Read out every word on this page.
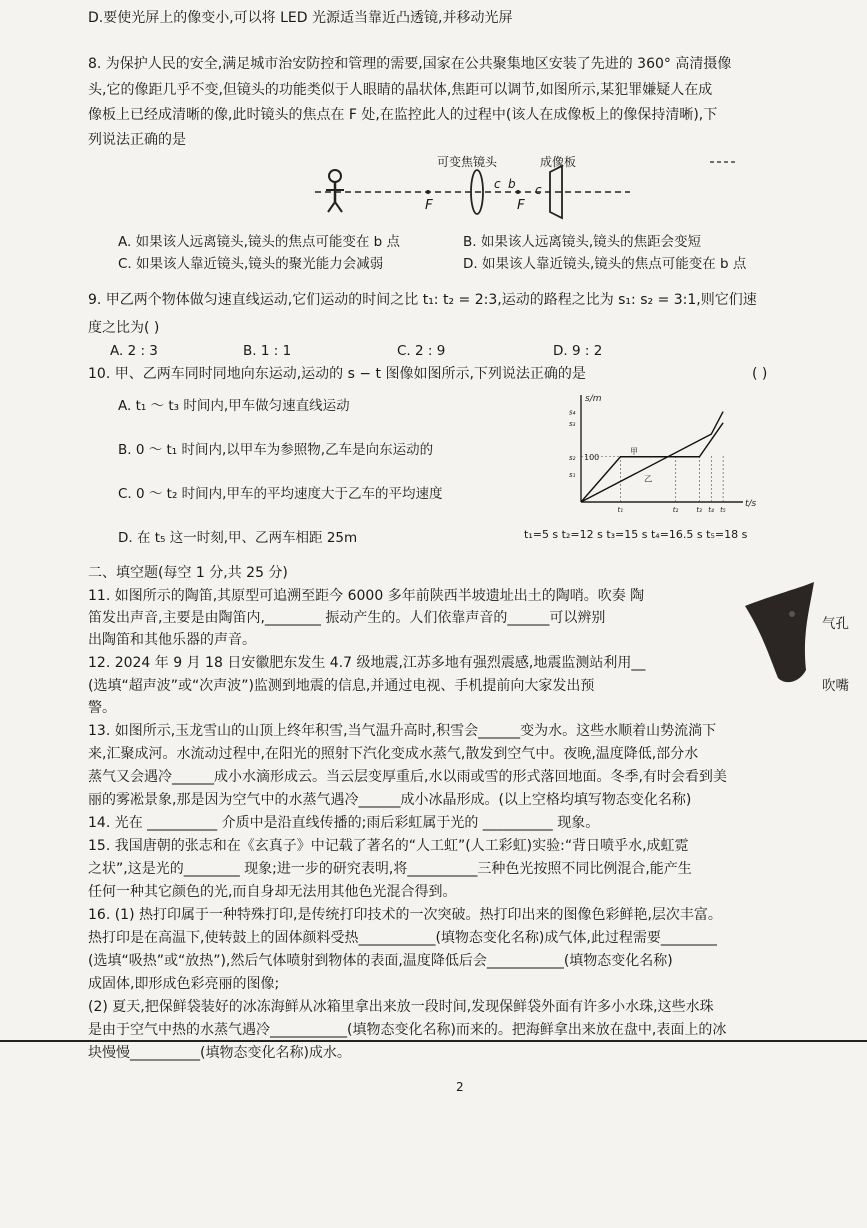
D.要使光屏上的像变小,可以将 LED 光源适当靠近凸透镜,并移动光屏
8. 为保护人民的安全,满足城市治安防控和管理的需要,国家在公共聚集地区安装了先进的 360° 高清摄像
头,它的像距几乎不变,但镜头的功能类似于人眼睛的晶状体,焦距可以调节,如图所示,某犯罪嫌疑人在成
像板上已经成清晰的像,此时镜头的焦点在 F 处,在监控此人的过程中(该人在成像板上的像保持清晰),下
列说法正确的是
可变焦镜头	成像板
F	F
c b c
A. 如果该人远离镜头,镜头的焦点可能变在 b 点	B. 如果该人远离镜头,镜头的焦距会变短
C. 如果该人靠近镜头,镜头的聚光能力会减弱	D. 如果该人靠近镜头,镜头的焦点可能变在 b 点
9. 甲乙两个物体做匀速直线运动,它们运动的时间之比 t₁: t₂ = 2:3,运动的路程之比为 s₁: s₂ = 3:1,则它们速
度之比为( )
A. 2 : 3	B. 1 : 1	C. 2 : 9	D. 9 : 2
10. 甲、乙两车同时同地向东运动,运动的 s − t 图像如图所示,下列说法正确的是	( )
A. t₁ ～ t₃ 时间内,甲车做匀速直线运动
B. 0 ～ t₁ 时间内,以甲车为参照物,乙车是向东运动的
C. 0 ～ t₂ 时间内,甲车的平均速度大于乙车的平均速度
D. 在 t₅ 这一时刻,甲、乙两车相距 25m
t/s
s/m
s₄
s₃
s₂
s₁
100
t₁	t₂	t₃ t₄ t₅
甲
乙
t₁=5 s t₂=12 s t₃=15 s t₄=16.5 s t₅=18 s
二、填空题(每空 1 分,共 25 分)
11. 如图所示的陶笛,其原型可追溯至距今 6000 多年前陕西半坡遗址出土的陶哨。吹奏 陶
笛发出声音,主要是由陶笛内,________ 振动产生的。人们依靠声音的______可以辨别
出陶笛和其他乐器的声音。
气孔
吹嘴
12. 2024 年 9 月 18 日安徽肥东发生 4.7 级地震,江苏多地有强烈震感,地震监测站利用__
(选填“超声波”或“次声波”)监测到地震的信息,并通过电视、手机提前向大家发出预
警。
13. 如图所示,玉龙雪山的山顶上终年积雪,当气温升高时,积雪会______变为水。这些水顺着山势流淌下
来,汇聚成河。水流动过程中,在阳光的照射下汽化变成水蒸气,散发到空气中。夜晚,温度降低,部分水
蒸气又会遇冷______成小水滴形成云。当云层变厚重后,水以雨或雪的形式落回地面。冬季,有时会看到美
丽的雾凇景象,那是因为空气中的水蒸气遇冷______成小冰晶形成。(以上空格均填写物态变化名称)
14. 光在 __________ 介质中是沿直线传播的;雨后彩虹属于光的 __________ 现象。
15. 我国唐朝的张志和在《玄真子》中记载了著名的“人工虹”(人工彩虹)实验:“背日喷乎水,成虹霓
之状”,这是光的________ 现象;进一步的研究表明,将__________三种色光按照不同比例混合,能产生
任何一种其它颜色的光,而自身却无法用其他色光混合得到。
16. (1) 热打印属于一种特殊打印,是传统打印技术的一次突破。热打印出来的图像色彩鲜艳,层次丰富。
热打印是在高温下,使转鼓上的固体颜料受热___________(填物态变化名称)成气体,此过程需要________
(选填“吸热”或“放热”),然后气体喷射到物体的表面,温度降低后会___________(填物态变化名称)
成固体,即形成色彩亮丽的图像;
(2) 夏天,把保鲜袋装好的冰冻海鲜从冰箱里拿出来放一段时间,发现保鲜袋外面有许多小水珠,这些水珠
是由于空气中热的水蒸气遇冷___________(填物态变化名称)而来的。把海鲜拿出来放在盘中,表面上的冰
块慢慢__________(填物态变化名称)成水。
2
